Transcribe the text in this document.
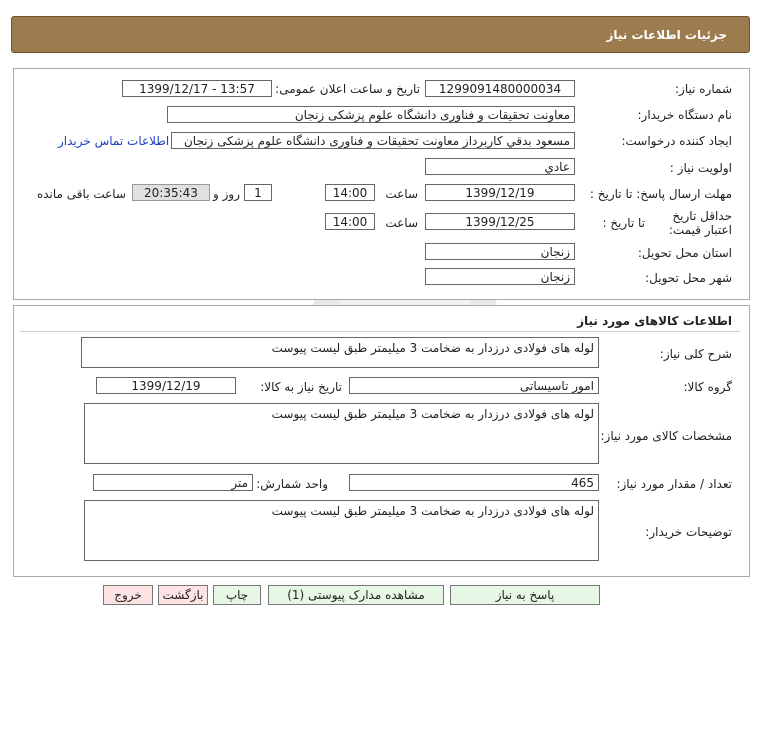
جزئیات اطلاعات نیاز
شماره نیاز:
1299091480000034
تاریخ و ساعت اعلان عمومی:
1399/12/17 - 13:57
نام دستگاه خریدار:
معاونت تحقیقات و فناوری دانشگاه علوم پزشکی زنجان
ایجاد کننده درخواست:
مسعود بدقي كاربرداز معاونت تحقيقات و فناوری دانشگاه علوم پزشکی زنجان
اطلاعات تماس خریدار
اولویت نیاز :
عادي
مهلت ارسال پاسخ: تا تاریخ :
1399/12/19
ساعت
14:00
1
روز و
20:35:43
ساعت باقی مانده
حداقل تاریخ اعتبار قیمت:
تا تاریخ :
1399/12/25
ساعت
14:00
استان محل تحویل:
زنجان
شهر محل تحویل:
زنجان
اطلاعات کالاهای مورد نیاز
شرح کلی نیاز:
لوله های فولادی درزدار به ضخامت 3 میلیمتر طبق لیست پیوست
گروه کالا:
امور تاسیساتی
تاریخ نیاز به کالا:
1399/12/19
مشخصات کالای مورد نیاز:
لوله های فولادی درزدار به ضخامت 3 میلیمتر طبق لیست پیوست
تعداد / مقدار مورد نیاز:
465
واحد شمارش:
متر
توضیحات خریدار:
لوله های فولادی درزدار به ضخامت 3 میلیمتر طبق لیست پیوست
پاسخ به نیاز
مشاهده مدارک پیوستی (1)
چاپ
بازگشت
خروج
